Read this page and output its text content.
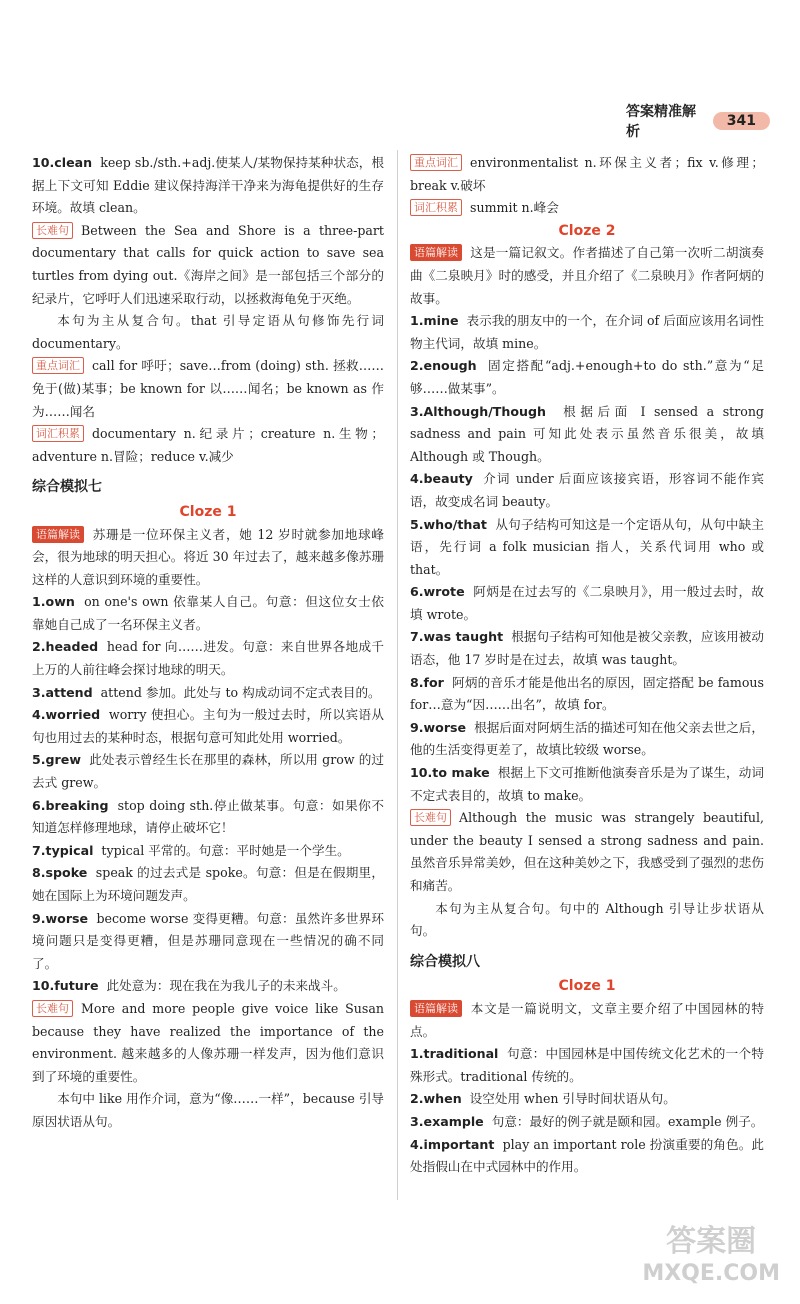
答案精准解析
341

10.clean keep sb./sth.+adj.使某人/某物保持某种状态，根据上下文可知 Eddie 建议保持海洋干净来为海龟提供好的生存环境。故填 clean。

长难句 Between the Sea and Shore is a three-part documentary that calls for quick action to save sea turtles from dying out.《海岸之间》是一部包括三个部分的纪录片，它呼吁人们迅速采取行动，以拯救海龟免于灭绝。

本句为主从复合句。that 引导定语从句修饰先行词 documentary。

重点词汇 call for 呼吁；save…from (doing) sth. 拯救……免于(做)某事；be known for 以……闻名；be known as 作为……闻名

词汇积累 documentary n.纪录片；creature n.生物；adventure n.冒险；reduce v.减少

综合模拟七

Cloze 1

语篇解读 苏珊是一位环保主义者，她 12 岁时就参加地球峰会，很为地球的明天担心。将近 30 年过去了，越来越多像苏珊这样的人意识到环境的重要性。

1.own on one's own 依靠某人自己。句意：但这位女士依靠她自己成了一名环保主义者。

2.headed head for 向……进发。句意：来自世界各地成千上万的人前往峰会探讨地球的明天。

3.attend attend 参加。此处与 to 构成动词不定式表目的。

4.worried worry 使担心。主句为一般过去时，所以宾语从句也用过去的某种时态，根据句意可知此处用 worried。

5.grew 此处表示曾经生长在那里的森林，所以用 grow 的过去式 grew。

6.breaking stop doing sth.停止做某事。句意：如果你不知道怎样修理地球，请停止破坏它！

7.typical typical 平常的。句意：平时她是一个学生。

8.spoke speak 的过去式是 spoke。句意：但是在假期里，她在国际上为环境问题发声。

9.worse become worse 变得更糟。句意：虽然许多世界环境问题只是变得更糟，但是苏珊同意现在一些情况的确不同了。

10.future 此处意为：现在我在为我儿子的未来战斗。

长难句 More and more people give voice like Susan because they have realized the importance of the environment. 越来越多的人像苏珊一样发声，因为他们意识到了环境的重要性。

本句中 like 用作介词，意为“像……一样”，because 引导原因状语从句。

重点词汇 environmentalist n.环保主义者；fix v.修理；break v.破坏

词汇积累 summit n.峰会

Cloze 2

语篇解读 这是一篇记叙文。作者描述了自己第一次听二胡演奏曲《二泉映月》时的感受，并且介绍了《二泉映月》作者阿炳的故事。

1.mine 表示我的朋友中的一个，在介词 of 后面应该用名词性物主代词，故填 mine。

2.enough 固定搭配“adj.+enough+to do sth.”意为“足够……做某事”。

3.Although/Though 根据后面 I sensed a strong sadness and pain 可知此处表示虽然音乐很美，故填 Although 或 Though。

4.beauty 介词 under 后面应该接宾语，形容词不能作宾语，故变成名词 beauty。

5.who/that 从句子结构可知这是一个定语从句，从句中缺主语，先行词 a folk musician 指人，关系代词用 who 或 that。

6.wrote 阿炳是在过去写的《二泉映月》，用一般过去时，故填 wrote。

7.was taught 根据句子结构可知他是被父亲教，应该用被动语态，他 17 岁时是在过去，故填 was taught。

8.for 阿炳的音乐才能是他出名的原因，固定搭配 be famous for…意为“因……出名”，故填 for。

9.worse 根据后面对阿炳生活的描述可知在他父亲去世之后，他的生活变得更差了，故填比较级 worse。

10.to make 根据上下文可推断他演奏音乐是为了谋生，动词不定式表目的，故填 to make。

长难句 Although the music was strangely beautiful, under the beauty I sensed a strong sadness and pain. 虽然音乐异常美妙，但在这种美妙之下，我感受到了强烈的悲伤和痛苦。

本句为主从复合句。句中的 Although 引导让步状语从句。

综合模拟八

Cloze 1

语篇解读 本文是一篇说明文，文章主要介绍了中国园林的特点。

1.traditional 句意：中国园林是中国传统文化艺术的一个特殊形式。traditional 传统的。

2.when 设空处用 when 引导时间状语从句。

3.example 句意：最好的例子就是颐和园。example 例子。

4.important play an important role 扮演重要的角色。此处指假山在中式园林中的作用。

答案圈
MXQE.COM
